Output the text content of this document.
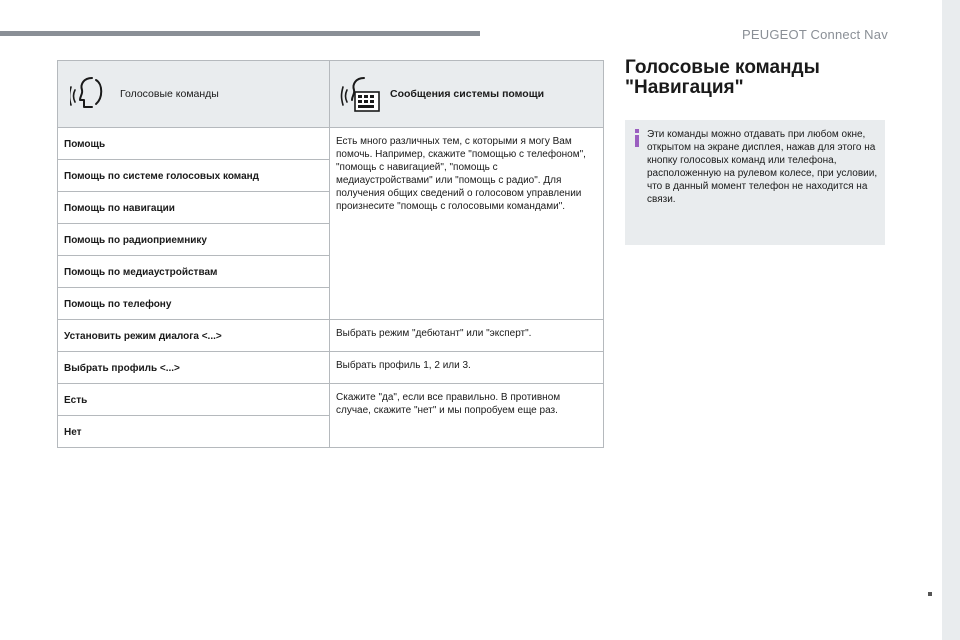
PEUGEOT Connect Nav
Голосовые команды	Сообщения системы помощи

Помощь	Есть много различных тем, с которыми я могу Вам помочь. Например, скажите "помощью с телефоном", "помощь с навигацией", "помощь с медиаустройствами" или "помощь с радио". Для получения общих сведений о голосовом управлении произнесите "помощь с голосовыми командами".
Помощь по системе голосовых команд	
Помощь по навигации	
Помощь по радиоприемнику	
Помощь по медиаустройствам	
Помощь по телефону	
Установить режим диалога <...>	Выбрать режим "дебютант" или "эксперт".
Выбрать профиль <...>	Выбрать профиль 1, 2 или 3.
Есть	Скажите "да", если все правильно. В противном случае, скажите "нет" и мы попробуем еще раз.
Нет	
Голосовые команды "Навигация"
Эти команды можно отдавать при любом окне, открытом на экране дисплея, нажав для этого на кнопку голосовых команд или телефона, расположенную на рулевом колесе, при условии, что в данный момент телефон не находится на связи.
